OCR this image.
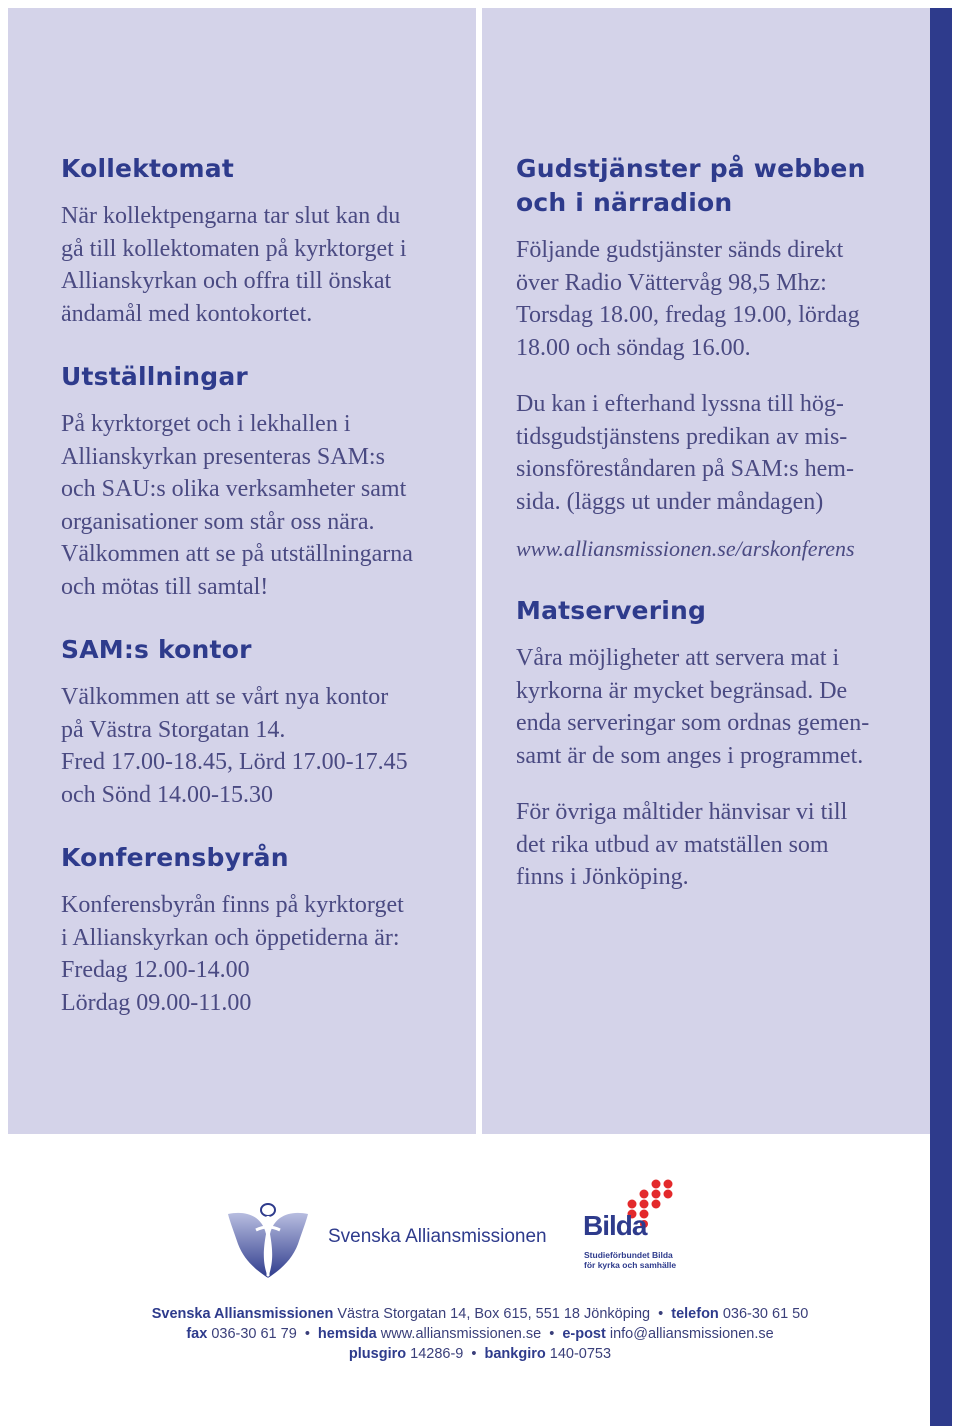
Kollektomat

När kollektpengarna tar slut kan du
gå till kollektomaten på kyrktorget i
Allianskyrkan och offra till önskat
ändamål med kontokortet.

Utställningar

På kyrktorget och i lekhallen i
Allianskyrkan presenteras SAM:s
och SAU:s olika verksamheter samt
organisationer som står oss nära.
Välkommen att se på utställningarna
och mötas till samtal!

SAM:s kontor

Välkommen att se vårt nya kontor
på Västra Storgatan 14.
Fred 17.00-18.45, Lörd 17.00-17.45
och Sönd 14.00-15.30

Konferensbyrån

Konferensbyrån finns på kyrktorget
i Allianskyrkan och öppetiderna är:
Fredag 12.00-14.00
Lördag 09.00-11.00

Gudstjänster på webben
och i närradion

Följande gudstjänster sänds direkt
över Radio Vättervåg 98,5 Mhz:
Torsdag 18.00, fredag 19.00, lördag
18.00 och söndag 16.00.

Du kan i efterhand lyssna till hög-
tidsgudstjänstens predikan av mis-
sionsföreståndaren på SAM:s hem-
sida. (läggs ut under måndagen)

www.alliansmissionen.se/arskonferens

Matservering

Våra möjligheter att servera mat i
kyrkorna är mycket begränsad. De
enda serveringar som ordnas gemen-
samt är de som anges i programmet.

För övriga måltider hänvisar vi till
det rika utbud av matställen som
finns i Jönköping.

Svenska Alliansmissionen Bilda
Studieförbundet Bilda
för kyrka och samhälle
Svenska Alliansmissionen Västra Storgatan 14, Box 615, 551 18 Jönköping • telefon 036-30 61 50
fax 036-30 61 79 • hemsida www.alliansmissionen.se • e-post info@alliansmissionen.se
plusgiro 14286-9 • bankgiro 140-0753
